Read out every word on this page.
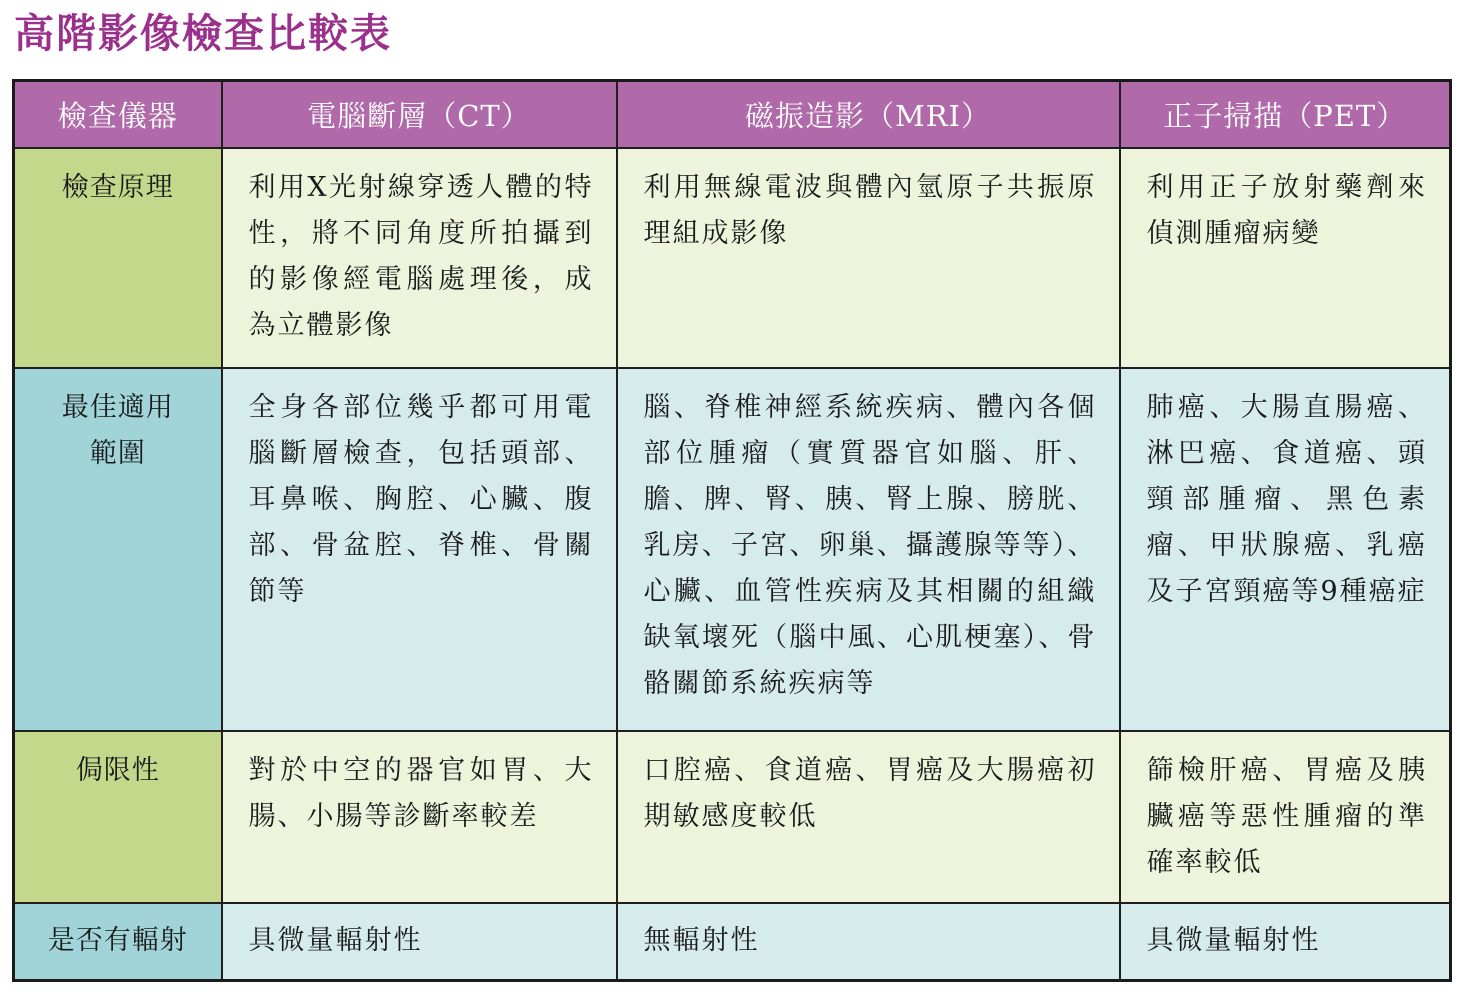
高階影像檢查比較表
檢查儀器	電腦斷層（CT）	磁振造影（MRI）	正子掃描（PET）
檢查原理	利用X光射線穿透人體的特性，將不同角度所拍攝到的影像經電腦處理後，成為立體影像	利用無線電波與體內氫原子共振原理組成影像	利用正子放射藥劑來偵測腫瘤病變
最佳適用範圍	全身各部位幾乎都可用電腦斷層檢查，包括頭部、耳鼻喉、胸腔、心臟、腹部、骨盆腔、脊椎、骨關節等	腦、脊椎神經系統疾病、體內各個部位腫瘤（實質器官如腦、肝、膽、脾、腎、胰、腎上腺、膀胱、乳房、子宮、卵巢、攝護腺等等）、心臟、血管性疾病及其相關的組織缺氧壞死（腦中風、心肌梗塞）、骨骼關節系統疾病等	肺癌、大腸直腸癌、淋巴癌、食道癌、頭頸部腫瘤、黑色素瘤、甲狀腺癌、乳癌及子宮頸癌等9種癌症
侷限性	對於中空的器官如胃、大腸、小腸等診斷率較差	口腔癌、食道癌、胃癌及大腸癌初期敏感度較低	篩檢肝癌、胃癌及胰臟癌等惡性腫瘤的準確率較低
是否有輻射	具微量輻射性	無輻射性	具微量輻射性
